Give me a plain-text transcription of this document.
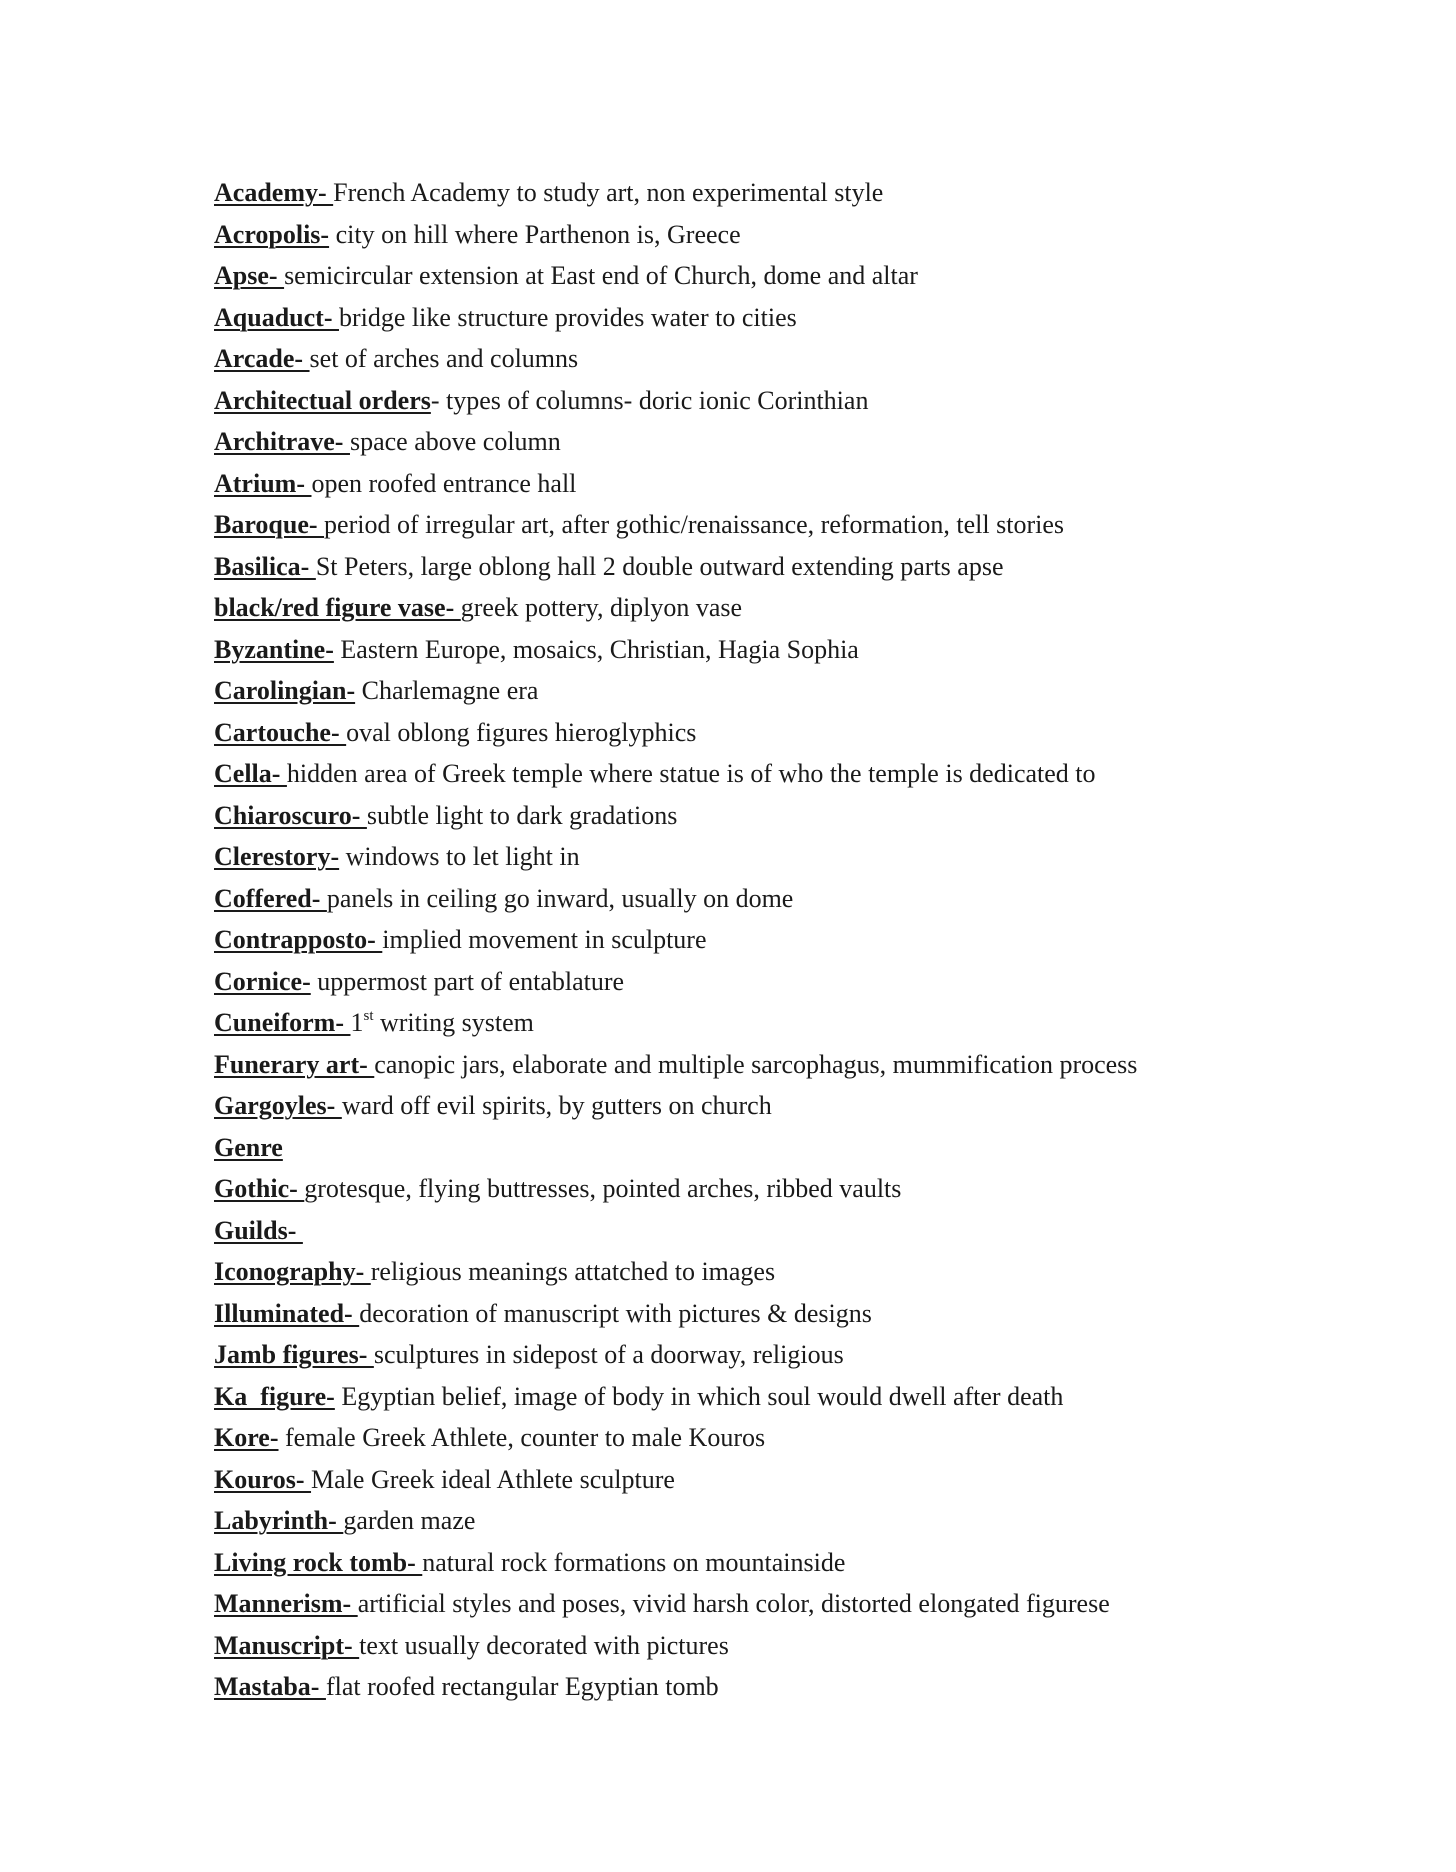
Academy- French Academy to study art, non experimental style
Acropolis- city on hill where Parthenon is, Greece
Apse- semicircular extension at East end of Church, dome and altar
Aquaduct- bridge like structure provides water to cities
Arcade- set of arches and columns
Architectual orders- types of columns- doric ionic Corinthian
Architrave- space above column
Atrium- open roofed entrance hall
Baroque- period of irregular art, after gothic/renaissance, reformation, tell stories
Basilica- St Peters, large oblong hall 2 double outward extending parts apse
black/red figure vase- greek pottery, diplyon vase
Byzantine- Eastern Europe, mosaics, Christian, Hagia Sophia
Carolingian- Charlemagne era
Cartouche- oval oblong figures hieroglyphics
Cella- hidden area of Greek temple where statue is of who the temple is dedicated to
Chiaroscuro- subtle light to dark gradations
Clerestory- windows to let light in
Coffered- panels in ceiling go inward, usually on dome
Contrapposto- implied movement in sculpture
Cornice- uppermost part of entablature
Cuneiform- 1st writing system
Funerary art- canopic jars, elaborate and multiple sarcophagus, mummification process
Gargoyles- ward off evil spirits, by gutters on church
Genre
Gothic- grotesque, flying buttresses, pointed arches, ribbed vaults
Guilds-
Iconography- religious meanings attatched to images
Illuminated- decoration of manuscript with pictures & designs
Jamb figures- sculptures in sidepost of a doorway, religious
Ka  figure- Egyptian belief, image of body in which soul would dwell after death
Kore- female Greek Athlete, counter to male Kouros
Kouros- Male Greek ideal Athlete sculpture
Labyrinth- garden maze
Living rock tomb- natural rock formations on mountainside
Mannerism- artificial styles and poses, vivid harsh color, distorted elongated figurese
Manuscript- text usually decorated with pictures
Mastaba- flat roofed rectangular Egyptian tomb
